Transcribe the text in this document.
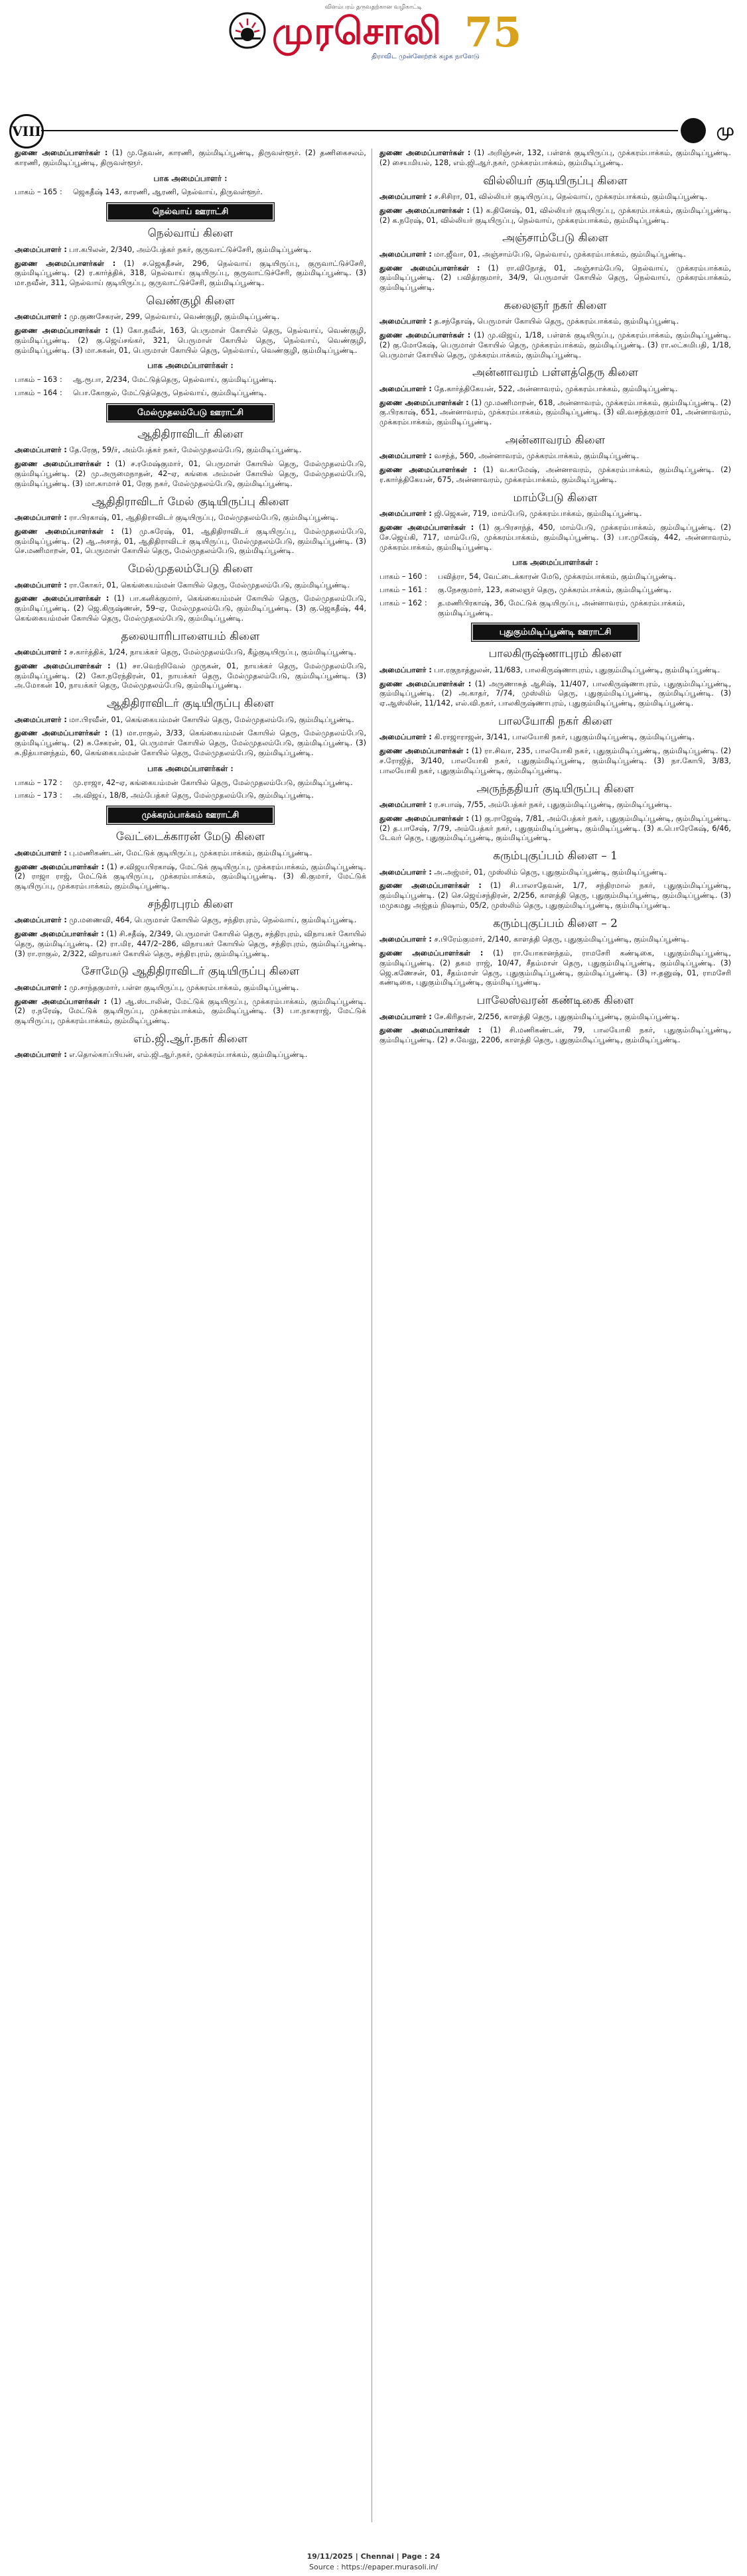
விளம்பரம் தருவதற்கான வழிகாட்டி
முரசொலி
திராவிட முன்னேற்றக் கழக நாளேடு
75
VIII	மு

துணை அமைப்பாளர்கள் : (1) மு.தேவன், காரணி, கும்மிடிப்பூண்டி, திருவள்ளூர். (2) தணிகைசலம், காரணி, கும்மிடிப்பூண்டி, திருவள்ளூர்.

பாக அமைப்பாளர் :
பாகம் – 165 :	ஜெகதீஷ் 143, காரணி, ஆரணி, நெல்வாய், திருவள்ளூர்.
நெல்வாய் ஊராட்சி
நெல்வாய் கிளை

அமைப்பாளர் : பா.கபிலன், 2/340, அம்பேத்கர் நகர், குருவாட்டுச்சேரி, கும்மிடிப்பூண்டி.

துணை அமைப்பாளர்கள் : (1) ச.ஜெகதீசன், 296, நெல்வாய் குடியிருப்பு, குருவாட்டுச்சேரி, கும்மிடிப்பூண்டி. (2) ர.கார்த்திக், 318, நெல்வாய் குடியிருப்பு, குருவாட்டுச்சேரி, கும்மிடிப்பூண்டி. (3) மா.நவீன், 311, நெல்வாய் குடியிருப்பு, குருவாட்டுச்சேரி, கும்மிடிப்பூண்டி.

வெண்குழி கிளை

அமைப்பாளர் : மு.குணசேகரன், 299, நெல்வாய், வெண்குழி, கும்மிடிப்பூண்டி.

துணை அமைப்பாளர்கள் : (1) கோ.நவீன், 163, பெருமாள் கோயில் தெரு, நெல்வாய், வெண்குழி, கும்மிடிப்பூண்டி. (2) கு.ஜெய்சங்கர், 321, பெருமாள் கோயில் தெரு, நெல்வாய், வெண்குழி, கும்மிடிப்பூண்டி. (3) மா.சுகன், 01, பெருமாள் கோயில் தெரு, நெல்வாய், வெண்குழி, கும்மிடிப்பூண்டி.

பாக அமைப்பாளர்கள் :
பாகம் – 163 :	ஆ.ரூபா, 2/234, மேட்டுத்தெரு, நெல்வாய், கும்மிடிப்பூண்டி.
பாகம் – 164 :	பொ.கோகுல், மேட்டுத்தெரு, நெல்வாய், கும்மிடிப்பூண்டி.
மேல்முதலம்பேடு ஊராட்சி
ஆதிதிராவிடர் கிளை

அமைப்பாளர் : தே.ரேகு, 59/ர், அம்பேத்கர் நகர், மேல்முதலம்பேடு, கும்மிடிப்பூண்டி.

துணை அமைப்பாளர்கள் : (1) ச.ரமேஷ்குமார், 01, பெருமாள் கோயில் தெரு, மேல்முதலம்பேடு, கும்மிடிப்பூண்டி. (2) மு.அருமைநாதன், 42–ஏ, கங்கை அம்மன் கோயில் தெரு, மேல்முதலம்பேடு, கும்மிடிப்பூண்டி. (3) மா.காமாச் 01, ரேகு நகர், மேல்முதலம்பேடு, கும்மிடிப்பூண்டி.

ஆதிதிராவிடர் மேல் குடியிருப்பு கிளை

அமைப்பாளர் : ரா.பிரகாஷ், 01, ஆதிதிராவிடர் குடியிருப்பு, மேல்முதலம்பேடு, கும்மிடிப்பூண்டி.

துணை அமைப்பாளர்கள் : (1) மு.சுரேஷ், 01, ஆதிதிராவிடர் குடியிருப்பு, மேல்முதலம்பேடு, கும்மிடிப்பூண்டி. (2) ஆ.அசாத், 01, ஆதிதிராவிடர் குடியிருப்பு, மேல்முதலம்பேடு, கும்மிடிப்பூண்டி. (3) செ.மணிமாறன், 01, பெருமாள் கோயில் தெரு, மேல்முதலம்பேடு, கும்மிடிப்பூண்டி.

மேல்முதலம்பேடு கிளை

அமைப்பாளர் : ரா.கோகர், 01, கெங்கையம்மன் கோயில் தெரு, மேல்முதலம்பேடு, கும்மிடிப்பூண்டி.

துணை அமைப்பாளர்கள் : (1) பா.கனிக்குமார், கெங்கையம்மன் கோயில் தெரு, மேல்முதலம்பேடு, கும்மிடிப்பூண்டி. (2) ஜெ.கிருஷ்ணன், 59–ஏ, மேல்முதலம்பேடு, கும்மிடிப்பூண்டி. (3) கு.ஜெகதீஷ், 44, கெங்கையம்மன் கோயில் தெரு, மேல்முதலம்பேடு, கும்மிடிப்பூண்டி.

தலையாரிபாளையம் கிளை

அமைப்பாளர் : ச.கார்த்திக், 1/24, நாயக்கர் தெரு, மேல்முதலம்பேடு, கீழ்குடியிருப்பு, கும்மிடிப்பூண்டி.

துணை அமைப்பாளர்கள் : (1) சா.வெற்றிவேல் முருகன், 01, நாயக்கர் தெரு, மேல்முதலம்பேடு, கும்மிடிப்பூண்டி. (2) கோ.நரேந்திரன், 01, நாயக்கர் தெரு, மேல்முதலம்பேடு, கும்மிடிப்பூண்டி. (3) அ.மோகன் 10, நாயக்கர் தெரு, மேல்முதலம்பேடு, கும்மிடிப்பூண்டி.

ஆதிதிராவிடர் குடியிருப்பு கிளை

அமைப்பாளர் : மா.பிரவீன், 01, கெங்கையம்மன் கோயில் தெரு, மேல்முதலம்பேடு, கும்மிடிப்பூண்டி.

துணை அமைப்பாளர்கள் : (1) மா.ராகுல், 3/33, கெங்கையம்மன் கோயில் தெரு, மேல்முதலம்பேடு, கும்மிடிப்பூண்டி. (2) சு.சேகரன், 01, பெருமாள் கோயில் தெரு, மேல்முதலம்பேடு, கும்மிடிப்பூண்டி. (3) சு.நித்யானந்தம், 60, கெங்கையம்மன் கோயில் தெரு, மேல்முதலம்பேடு, கும்மிடிப்பூண்டி.

பாக அமைப்பாளர்கள் :
பாகம் – 172 :	மு.ராஜா, 42–ஏ, கங்கையம்மன் கோயில் தெரு, மேல்முதலம்பேடு, கும்மிடிப்பூண்டி.
பாகம் – 173 :	அ.விஜய், 18/8, அம்பேத்கர் தெரு, மேல்முதலம்பேடு, கும்மிடிப்பூண்டி.
முக்கரம்பாக்கம் ஊராட்சி
வேட்டைக்காரன் மேடு கிளை

அமைப்பாளர் : பு.மணிகண்டன், மேட்டுக் குடியிருப்பு, முக்கரம்பாக்கம், கும்மிடிப்பூண்டி.

துணை அமைப்பாளர்கள் : (1) ச.விஜயபிரகாஷ், மேட்டுக் குடியிருப்பு, முக்கரம்பாக்கம், கும்மிடிப்பூண்டி. (2) ராஜா ராஜ், மேட்டுக் குடியிருப்பு, முக்கரம்பாக்கம், கும்மிடிப்பூண்டி. (3) கி.குமார், மேட்டுக் குடியிருப்பு, முக்கரம்பாக்கம், கும்மிடிப்பூண்டி.

சந்திரபுரம் கிளை

அமைப்பாளர் : மு.மணைவி, 464, பெருமாள் கோயில் தெரு, சந்திரபுரம், நெல்வாய், கும்மிடிப்பூண்டி.

துணை அமைப்பாளர்கள் : (1) சி.சதீஷ், 2/349, பெருமாள் கோயில் தெரு, சந்திரபுரம், விநாயகர் கோயில் தெரு, கும்மிடிப்பூண்டி. (2) ரா.மிர, 447/2–286, விநாயகர் கோயில் தெரு, சந்திரபுரம், கும்மிடிப்பூண்டி. (3) ரா.ராகுல், 2/322, விநாயகர் கோயில் தெரு, சந்திரபுரம், கும்மிடிப்பூண்டி.

சோமேடு ஆதிதிராவிடர் குடியிருப்பு கிளை

அமைப்பாளர் : மு.சாந்தகுமார், பள்ள குடியிருப்பு, முக்கரம்பாக்கம், கும்மிடிப்பூண்டி.

துணை அமைப்பாளர்கள் : (1) ஆ.ஸ்டாலின், மேட்டுக் குடியிருப்பு, முக்கரம்பாக்கம், கும்மிடிப்பூண்டி. (2) ர.நரேஷ், மேட்டுக் குடியிருப்பு, முக்கரம்பாக்கம், கும்மிடிப்பூண்டி. (3) பா.நாகராஜ், மேட்டுக் குடியிருப்பு, முக்கரம்பாக்கம், கும்மிடிப்பூண்டி.

எம்.ஜி.ஆர்.நகர் கிளை

அமைப்பாளர் : எ.தொல்காப்பியன், எம்.ஜி.ஆர்.நகர், முக்கரம்பாக்கம், கும்மிடிப்பூண்டி.

துணை அமைப்பாளர்கள் : (1) அறிஞ்சன், 132, பள்ளக் குடியிருப்பு, முக்கரம்பாக்கம், கும்மிடிப்பூண்டி. (2) சையமியல், 128, எம்.ஜி.ஆர்.நகர், முக்கரம்பாக்கம், கும்மிடிப்பூண்டி.

வில்லியர் குடியிருப்பு கிளை

அமைப்பாளர் : ச.சிசிரா, 01, வில்லியர் குடியிருப்பு, நெல்வாய், முக்கரம்பாக்கம், கும்மிடிப்பூண்டி.

துணை அமைப்பாளர்கள் : (1) க.தினேஷ், 01, வில்லியர் குடியிருப்பு, முக்கரம்பாக்கம், கும்மிடிப்பூண்டி. (2) க.நரேஷ், 01, வில்லியர் குடியிருப்பு, நெல்வாய், முக்கரம்பாக்கம், கும்மிடிப்பூண்டி.

அஞ்சாம்பேடு கிளை

அமைப்பாளர் : மா.ஜீவா, 01, அஞ்சாம்பேடு, நெல்வாய், முக்கரம்பாக்கம், கும்மிடிப்பூண்டி.

துணை அமைப்பாளர்கள் : (1) ரா.விநோத், 01, அஞ்சாம்பேடு, நெல்வாய், முக்கரம்பாக்கம், கும்மிடிப்பூண்டி. (2) பவித்ரகுமார், 34/9, பெருமாள் கோயில் தெரு, நெல்வாய், முக்கரம்பாக்கம், கும்மிடிப்பூண்டி.

கலைஞர் நகர் கிளை

அமைப்பாளர் : த.சந்தோஷ், பெருமாள் கோயில் தெரு, முக்கரம்பாக்கம், கும்மிடிப்பூண்டி.

துணை அமைப்பாளர்கள் : (1) மு.விஜய், 1/18, பள்ளக் குடியிருப்பு, முக்கரம்பாக்கம், கும்மிடிப்பூண்டி. (2) கு.மோகேஷ், பெருமாள் கோயில் தெரு, முக்கரம்பாக்கம், கும்மிடிப்பூண்டி. (3) ரா.லட்சுமிபதி, 1/18, பெருமாள் கோயில் தெரு, முக்கரம்பாக்கம், கும்மிடிப்பூண்டி.

அன்னாவரம் பள்ளத்தெரு கிளை

அமைப்பாளர் : தே.கார்த்திகேயன், 522, அன்னாவரம், முக்கரம்பாக்கம், கும்மிடிப்பூண்டி.

துணை அமைப்பாளர்கள் : (1) மு.மணிமாறன், 618, அன்னாவரம், முக்கரம்பாக்கம், கும்மிடிப்பூண்டி. (2) கு.பிரகாஷ், 651, அன்னாவரம், முக்கரம்பாக்கம், கும்மிடிப்பூண்டி. (3) வி.வசந்த்குமார் 01, அன்னாவரம், முக்கரம்பாக்கம், கும்மிடிப்பூண்டி.

அன்னாவரம் கிளை

அமைப்பாளர் : வசந்த், 560, அன்னாவரம், முக்கரம்பாக்கம், கும்மிடிப்பூண்டி.

துணை அமைப்பாளர்கள் : (1) வ.காமேஷ், அன்னாவரம், முக்கரம்பாக்கம், கும்மிடிப்பூண்டி. (2) ர.கார்த்திகேயன், 675, அன்னாவரம், முக்கரம்பாக்கம், கும்மிடிப்பூண்டி.

மாம்பேடு கிளை

அமைப்பாளர் : ஜி.ஜெகன், 719, மாம்பேடு, முக்கரம்பாக்கம், கும்மிடிப்பூண்டி.

துணை அமைப்பாளர்கள் : (1) கு.பிரசாந்த், 450, மாம்பேடு, முக்கரம்பாக்கம், கும்மிடிப்பூண்டி. (2) சே.ஜெய்கி, 717, மாம்பேடு, முக்கரம்பாக்கம், கும்மிடிப்பூண்டி. (3) பா.முகேஷ், 442, அன்னாவரம், முக்கரம்பாக்கம், கும்மிடிப்பூண்டி.

பாக அமைப்பாளர்கள் :
பாகம் – 160 :	பவித்ரா, 54, வேட்டைக்காரன் மேடு, முக்கரம்பாக்கம், கும்மிடிப்பூண்டி.
பாகம் – 161 :	கு.நேசகுமார், 123, கலைஞர் தெரு, முக்கரம்பாக்கம், கும்மிடிப்பூண்டி.
பாகம் – 162 :	த.மணிபிரகாஷ், 36, மேட்டுக் குடியிருப்பு, அன்னாவரம், முக்கரம்பாக்கம், கும்மிடிப்பூண்டி.
புதுகும்மிடிப்பூண்டி ஊராட்சி
பாலகிருஷ்ணாபுரம் கிளை

அமைப்பாளர் : பா.ரகுநாத்துலன், 11/683, பாலகிருஷ்ணாபுரம், புதுகும்மிடிப்பூண்டி, கும்மிடிப்பூண்டி.

துணை அமைப்பாளர்கள் : (1) அருணாசுத் ஆசிஷ், 11/407, பாலகிருஷ்ணாபுரம், புதுகும்மிடிப்பூண்டி, கும்மிடிப்பூண்டி. (2) அ.காதர், 7/74, முஸ்லிம் தெரு, புதுகும்மிடிப்பூண்டி, கும்மிடிப்பூண்டி. (3) ஏ.ஆஸ்லின், 11/142, எல்.வி.நகர், பாலகிருஷ்ணாபுரம், புதுகும்மிடிப்பூண்டி, கும்மிடிப்பூண்டி.

பாலயோகி நகர் கிளை

அமைப்பாளர் : கி.ராஜாராஜன், 3/141, பாலயோகி நகர், புதுகும்மிடிப்பூண்டி, கும்மிடிப்பூண்டி.

துணை அமைப்பாளர்கள் : (1) ரா.சிவா, 235, பாலயோகி நகர், புதுகும்மிடிப்பூண்டி, கும்மிடிப்பூண்டி. (2) ச.ரோஜித், 3/140, பாலயோகி நகர், புதுகும்மிடிப்பூண்டி, கும்மிடிப்பூண்டி. (3) நா.கோபி, 3/83, பாலயோகி நகர், புதுகும்மிடிப்பூண்டி, கும்மிடிப்பூண்டி.

அருந்ததியர் குடியிருப்பு கிளை

அமைப்பாளர் : ர.சபாஷ், 7/55, அம்பேத்கர் நகர், புதுகும்மிடிப்பூண்டி, கும்மிடிப்பூண்டி.

துணை அமைப்பாளர்கள் : (1) கு.ராஜேஷ், 7/81, அம்பேத்கர் நகர், புதுகும்மிடிப்பூண்டி, கும்மிடிப்பூண்டி. (2) த.பாசேஷ், 7/79, அம்பேத்கர் நகர், புதுகும்மிடிப்பூண்டி, கும்மிடிப்பூண்டி. (3) க.பொரேகேஷ், 6/46, டேவர் தெரு, புதுகும்மிடிப்பூண்டி, கும்மிடிப்பூண்டி.

கரும்புகுப்பம் கிளை – 1

அமைப்பாளர் : அ.அஜ்மர், 01, முஸ்லிம் தெரு, புதுகும்மிடிப்பூண்டி, கும்மிடிப்பூண்டி.

துணை அமைப்பாளர்கள் : (1) சி.பாலாதேவன், 1/7, சந்திரமால் நகர், புதுகும்மிடிப்பூண்டி, கும்மிடிப்பூண்டி. (2) செ.ஜெய்சந்திரன், 2/256, காளத்தி தெரு, புதுகும்மிடிப்பூண்டி, கும்மிடிப்பூண்டி. (3) மமுகமது அஜ்தம் நிஷாம், 05/2, முஸ்லிம் தெரு, புதுகும்மிடிப்பூண்டி, கும்மிடிப்பூண்டி.

கரும்புகுப்பம் கிளை – 2

அமைப்பாளர் : ச.பிரேம்குமார், 2/140, காளத்தி தெரு, புதுகும்மிடிப்பூண்டி, கும்மிடிப்பூண்டி.

துணை அமைப்பாளர்கள் : (1) ரா.யோகானந்தம், ராமசேரி கண்டிகை, புதுகும்மிடிப்பூண்டி, கும்மிடிப்பூண்டி. (2) தகம ராஜ், 10/47, சீதம்மாள் தெரு, புதுகும்மிடிப்பூண்டி, கும்மிடிப்பூண்டி. (3) ஜெ.கணேசன், 01, சீதம்மாள் தெரு, புதுகும்மிடிப்பூண்டி, கும்மிடிப்பூண்டி. (3) ஈ.தனுஷ், 01, ராமசேரி கண்டிகை, புதுகும்மிடிப்பூண்டி, கும்மிடிப்பூண்டி.

பாலேஸ்வரன் கண்டிகை கிளை

அமைப்பாளர் : சே.கிரிதரன், 2/256, காளத்தி தெரு, புதுகும்மிடிப்பூண்டி, கும்மிடிப்பூண்டி.

துணை அமைப்பாளர்கள் : (1) சி.மணிகண்டன், 79, பாலயோகி நகர், புதுகும்மிடிப்பூண்டி, கும்மிடிப்பூண்டி. (2) ச.வேலு, 2206, காளத்தி தெரு, புதுகும்மிடிப்பூண்டி, கும்மிடிப்பூண்டி.

19/11/2025 | Chennai | Page : 24
Source : https://epaper.murasoli.in/
